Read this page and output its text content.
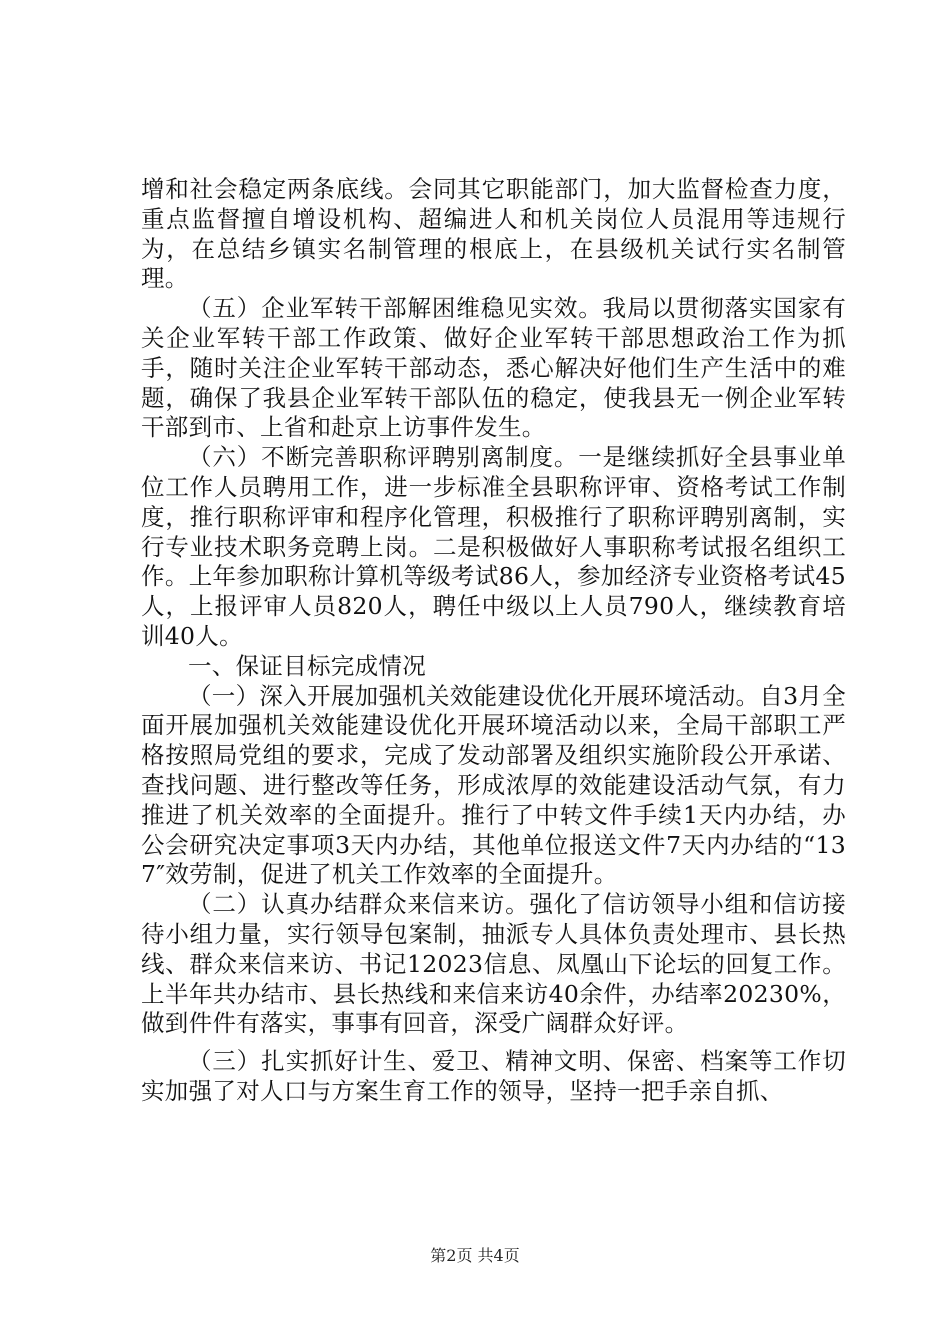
增和社会稳定两条底线。会同其它职能部门，加大监督检查力度，重点监督擅自增设机构、超编进人和机关岗位人员混用等违规行为，在总结乡镇实名制管理的根底上，在县级机关试行实名制管理。

（五）企业军转干部解困维稳见实效。我局以贯彻落实国家有关企业军转干部工作政策、做好企业军转干部思想政治工作为抓手，随时关注企业军转干部动态，悉心解决好他们生产生活中的难题，确保了我县企业军转干部队伍的稳定，使我县无一例企业军转干部到市、上省和赴京上访事件发生。

（六）不断完善职称评聘别离制度。一是继续抓好全县事业单位工作人员聘用工作，进一步标准全县职称评审、资格考试工作制度，推行职称评审和程序化管理，积极推行了职称评聘别离制，实行专业技术职务竞聘上岗。二是积极做好人事职称考试报名组织工作。上年参加职称计算机等级考试86人，参加经济专业资格考试45人，上报评审人员820人，聘任中级以上人员790人，继续教育培训40人。

一、保证目标完成情况

（一）深入开展加强机关效能建设优化开展环境活动。自3月全面开展加强机关效能建设优化开展环境活动以来，全局干部职工严格按照局党组的要求，完成了发动部署及组织实施阶段公开承诺、查找问题、进行整改等任务，形成浓厚的效能建设活动气氛，有力推进了机关效率的全面提升。推行了中转文件手续1天内办结，办公会研究决定事项3天内办结，其他单位报送文件7天内办结的“137″效劳制，促进了机关工作效率的全面提升。

（二）认真办结群众来信来访。强化了信访领导小组和信访接待小组力量，实行领导包案制，抽派专人具体负责处理市、县长热线、群众来信来访、书记12023信息、凤凰山下论坛的回复工作。上半年共办结市、县长热线和来信来访40余件，办结率20230%，做到件件有落实，事事有回音，深受广阔群众好评。

（三）扎实抓好计生、爱卫、精神文明、保密、档案等工作切实加强了对人口与方案生育工作的领导，坚持一把手亲自抓、

第2页 共4页
